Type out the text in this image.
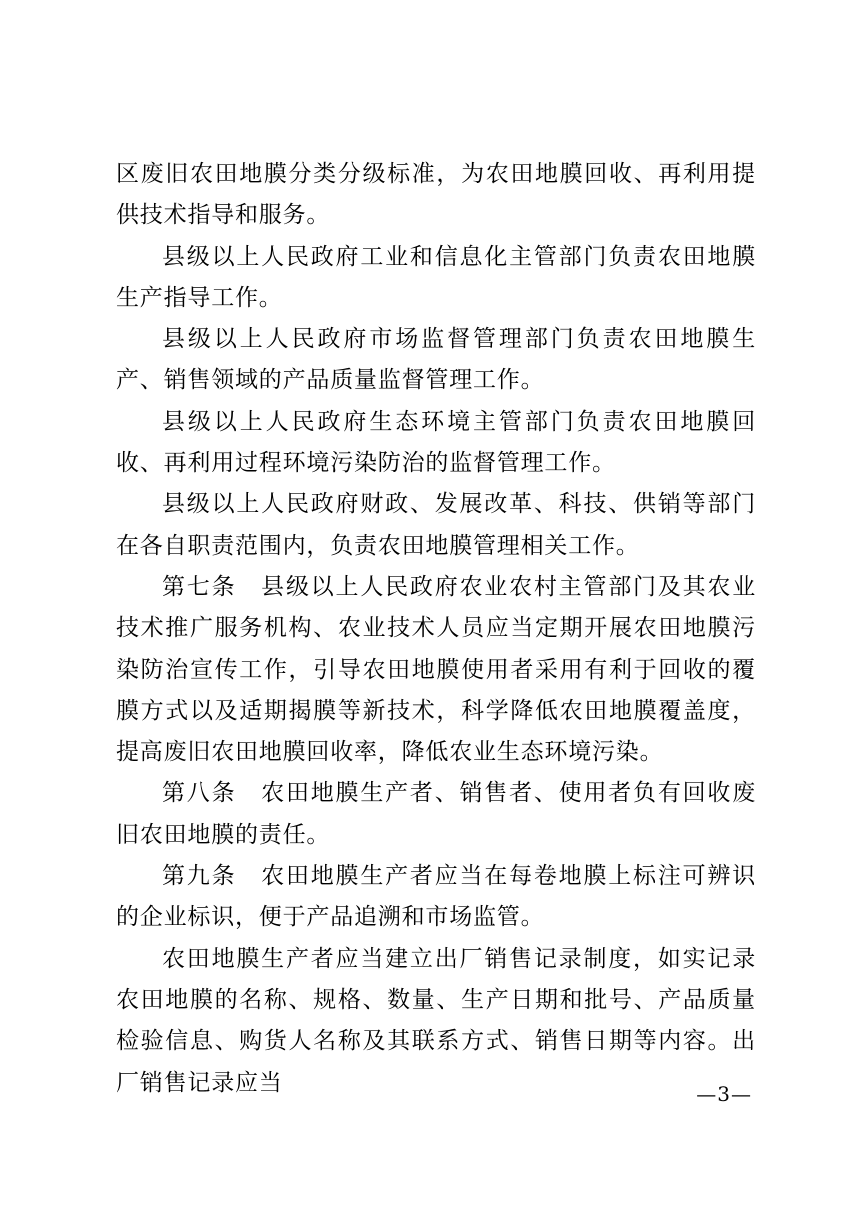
区废旧农田地膜分类分级标准，为农田地膜回收、再利用提供技术指导和服务。

县级以上人民政府工业和信息化主管部门负责农田地膜生产指导工作。

县级以上人民政府市场监督管理部门负责农田地膜生产、销售领域的产品质量监督管理工作。

县级以上人民政府生态环境主管部门负责农田地膜回收、再利用过程环境污染防治的监督管理工作。

县级以上人民政府财政、发展改革、科技、供销等部门在各自职责范围内，负责农田地膜管理相关工作。

第七条　县级以上人民政府农业农村主管部门及其农业技术推广服务机构、农业技术人员应当定期开展农田地膜污染防治宣传工作，引导农田地膜使用者采用有利于回收的覆膜方式以及适期揭膜等新技术，科学降低农田地膜覆盖度，提高废旧农田地膜回收率，降低农业生态环境污染。

第八条　农田地膜生产者、销售者、使用者负有回收废旧农田地膜的责任。

第九条　农田地膜生产者应当在每卷地膜上标注可辨识的企业标识，便于产品追溯和市场监管。

农田地膜生产者应当建立出厂销售记录制度，如实记录农田地膜的名称、规格、数量、生产日期和批号、产品质量检验信息、购货人名称及其联系方式、销售日期等内容。出厂销售记录应当	—3—
